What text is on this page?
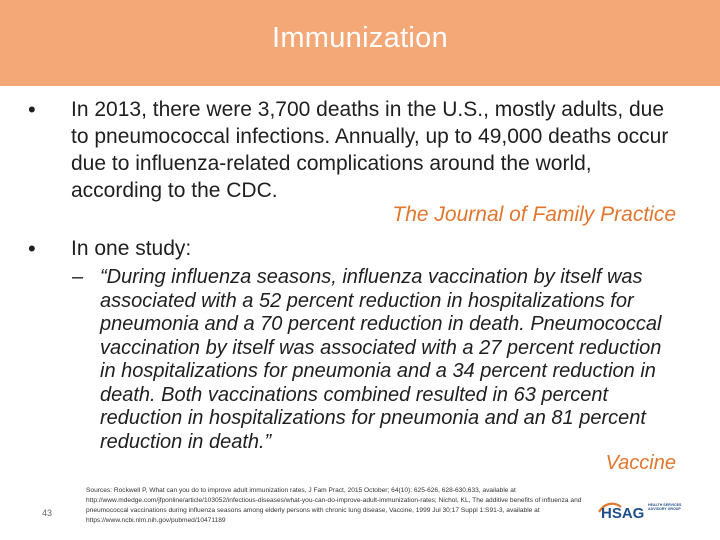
Immunization
• In 2013, there were 3,700 deaths in the U.S., mostly adults, due to pneumococcal infections. Annually, up to 49,000 deaths occur due to influenza-related complications around the world, according to the CDC.
The Journal of Family Practice
• In one study:
– “During influenza seasons, influenza vaccination by itself was associated with a 52 percent reduction in hospitalizations for pneumonia and a 70 percent reduction in death. Pneumococcal vaccination by itself was associated with a 27 percent reduction in hospitalizations for pneumonia and a 34 percent reduction in death. Both vaccinations combined resulted in 63 percent reduction in hospitalizations for pneumonia and an 81 percent reduction in death.”
Vaccine
43
Sources: Rockwell P, What can you do to improve adult immunization rates, J Fam Pract, 2015 October; 64(10): 625-626, 628-630,633, available at http://www.mdedge.com/jfponline/article/103052/infectious-diseases/what-you-can-do-improve-adult-immunization-rates; Nichol, KL, The additive benefits of influenza and pneumococcal vaccinations during influenza seasons among elderly persons with chronic lung disease, Vaccine, 1999 Jul 30;17 Suppl 1:S91-3, available at https://www.ncbi.nlm.nih.gov/pubmed/10471189	HSAG HEALTH SERVICES ADVISORY GROUP
